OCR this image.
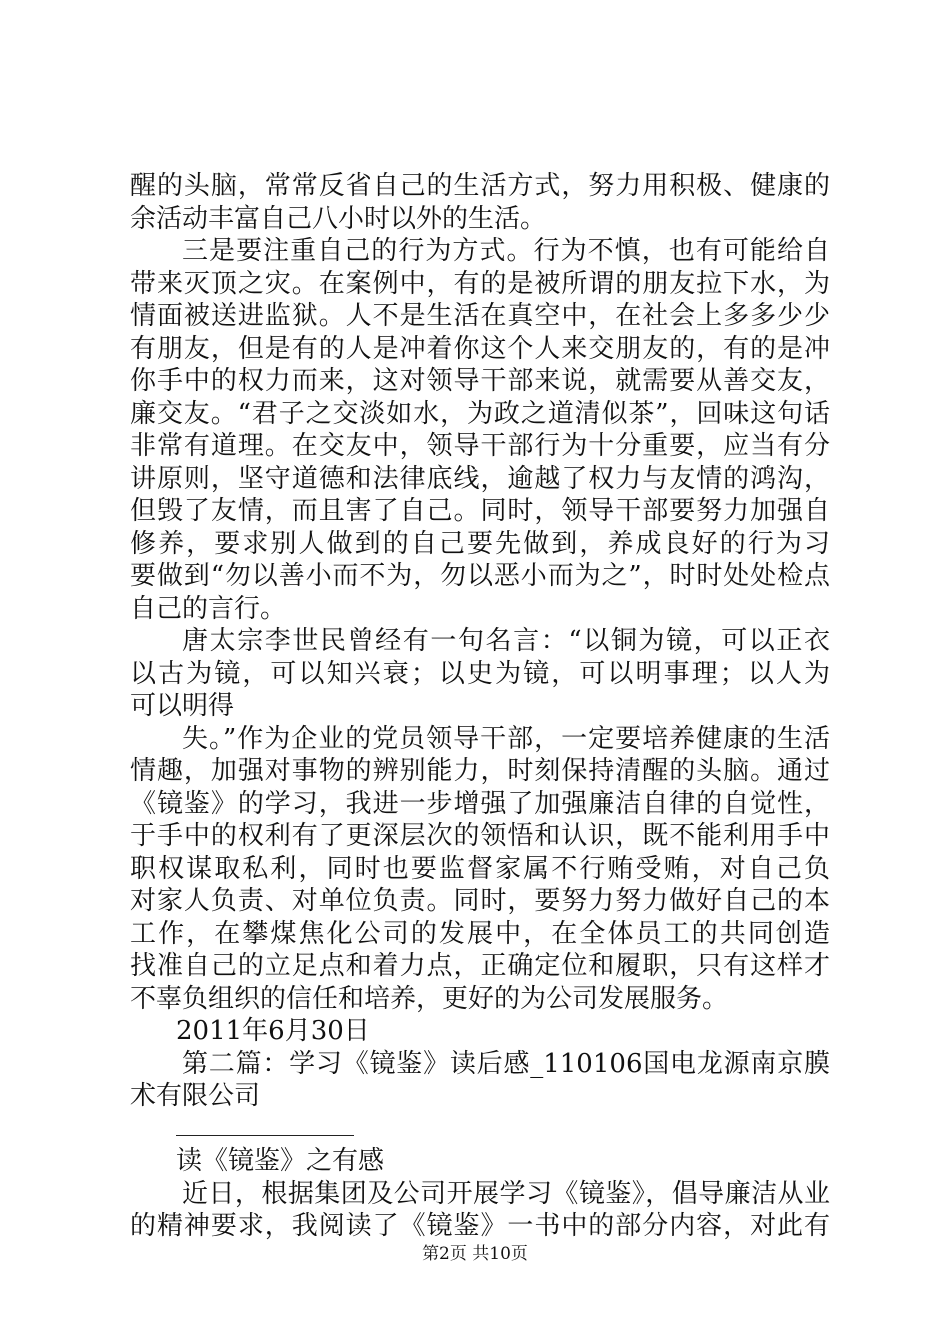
醒的头脑，常常反省自己的生活方式，努力用积极、健康的
余活动丰富自己八小时以外的生活。
三是要注重自己的行为方式。行为不慎，也有可能给自
带来灭顶之灾。在案例中，有的是被所谓的朋友拉下水，为
情面被送进监狱。人不是生活在真空中，在社会上多多少少
有朋友，但是有的人是冲着你这个人来交朋友的，有的是冲
你手中的权力而来，这对领导干部来说，就需要从善交友，
廉交友。“君子之交淡如水，为政之道清似茶”，回味这句话
非常有道理。在交友中，领导干部行为十分重要，应当有分
讲原则，坚守道德和法律底线，逾越了权力与友情的鸿沟，
但毁了友情，而且害了自己。同时，领导干部要努力加强自
修养，要求别人做到的自己要先做到，养成良好的行为习
要做到“勿以善小而不为，勿以恶小而为之”，时时处处检点
自己的言行。
唐太宗李世民曾经有一句名言：“以铜为镜，可以正衣
以古为镜，可以知兴衰；以史为镜，可以明事理；以人为
可以明得
失。”作为企业的党员领导干部，一定要培养健康的生活
情趣，加强对事物的辨别能力，时刻保持清醒的头脑。通过
《镜鉴》的学习，我进一步增强了加强廉洁自律的自觉性，
于手中的权利有了更深层次的领悟和认识，既不能利用手中
职权谋取私利，同时也要监督家属不行贿受贿，对自己负
对家人负责、对单位负责。同时，要努力努力做好自己的本
工作，在攀煤焦化公司的发展中，在全体员工的共同创造
找准自己的立足点和着力点，正确定位和履职，只有这样才
不辜负组织的信任和培养，更好的为公司发展服务。
2011年6月30日
第二篇：学习《镜鉴》读后感_110106国电龙源南京膜
术有限公司
读《镜鉴》之有感
近日，根据集团及公司开展学习《镜鉴》，倡导廉洁从业
的精神要求，我阅读了《镜鉴》一书中的部分内容，对此有
第2页 共10页
